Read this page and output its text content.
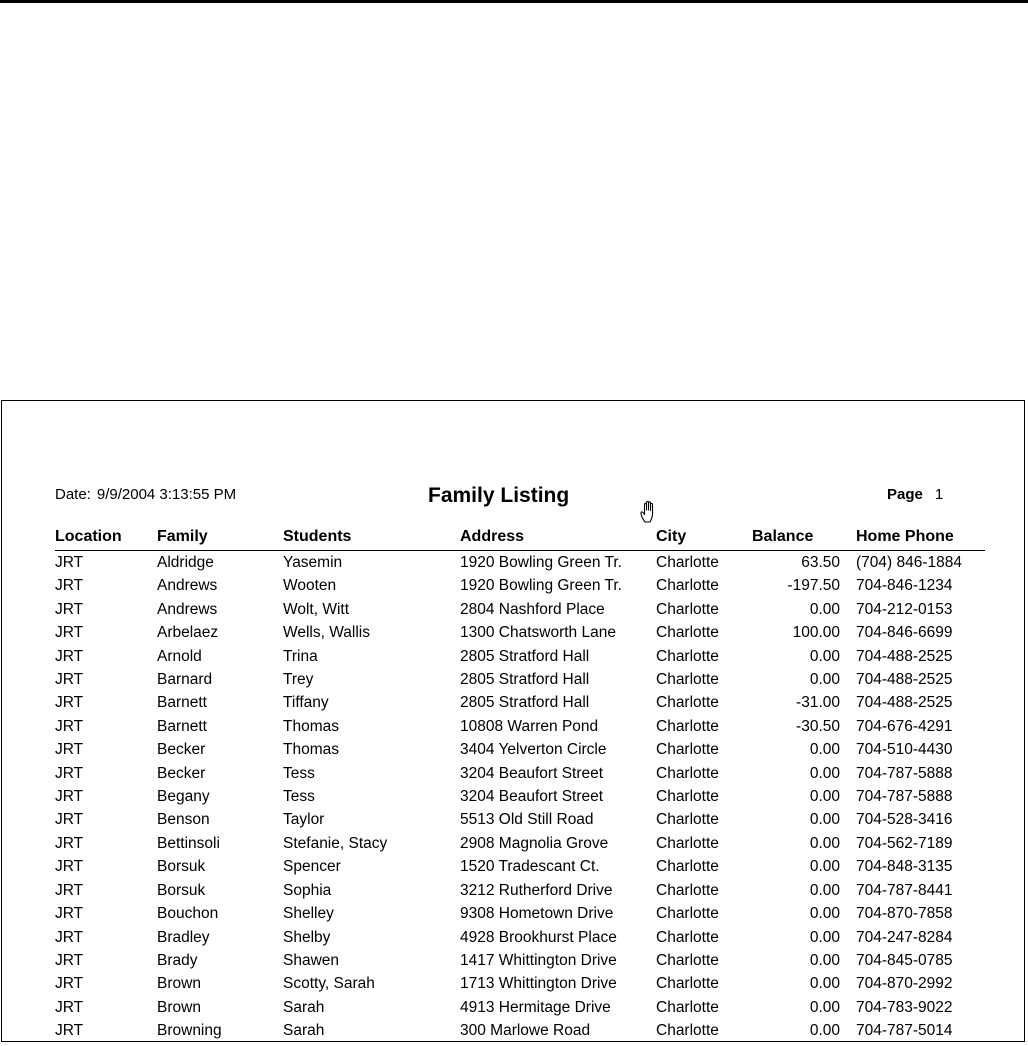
Date: 9/9/2004 3:13:55 PM	Family Listing	Page 1
Location	Family	Students	Address	City	Balance	Home Phone
JRT	Aldridge	Yasemin	1920 Bowling Green Tr.	Charlotte	63.50	(704) 846-1884
JRT	Andrews	Wooten	1920 Bowling Green Tr.	Charlotte	-197.50	704-846-1234
JRT	Andrews	Wolt, Witt	2804 Nashford Place	Charlotte	0.00	704-212-0153
JRT	Arbelaez	Wells, Wallis	1300 Chatsworth Lane	Charlotte	100.00	704-846-6699
JRT	Arnold	Trina	2805 Stratford Hall	Charlotte	0.00	704-488-2525
JRT	Barnard	Trey	2805 Stratford Hall	Charlotte	0.00	704-488-2525
JRT	Barnett	Tiffany	2805 Stratford Hall	Charlotte	-31.00	704-488-2525
JRT	Barnett	Thomas	10808 Warren Pond	Charlotte	-30.50	704-676-4291
JRT	Becker	Thomas	3404 Yelverton Circle	Charlotte	0.00	704-510-4430
JRT	Becker	Tess	3204 Beaufort Street	Charlotte	0.00	704-787-5888
JRT	Begany	Tess	3204 Beaufort Street	Charlotte	0.00	704-787-5888
JRT	Benson	Taylor	5513 Old Still Road	Charlotte	0.00	704-528-3416
JRT	Bettinsoli	Stefanie, Stacy	2908 Magnolia Grove	Charlotte	0.00	704-562-7189
JRT	Borsuk	Spencer	1520 Tradescant Ct.	Charlotte	0.00	704-848-3135
JRT	Borsuk	Sophia	3212 Rutherford Drive	Charlotte	0.00	704-787-8441
JRT	Bouchon	Shelley	9308 Hometown Drive	Charlotte	0.00	704-870-7858
JRT	Bradley	Shelby	4928 Brookhurst Place	Charlotte	0.00	704-247-8284
JRT	Brady	Shawen	1417 Whittington Drive	Charlotte	0.00	704-845-0785
JRT	Brown	Scotty, Sarah	1713 Whittington Drive	Charlotte	0.00	704-870-2992
JRT	Brown	Sarah	4913 Hermitage Drive	Charlotte	0.00	704-783-9022
JRT	Browning	Sarah	300 Marlowe Road	Charlotte	0.00	704-787-5014
